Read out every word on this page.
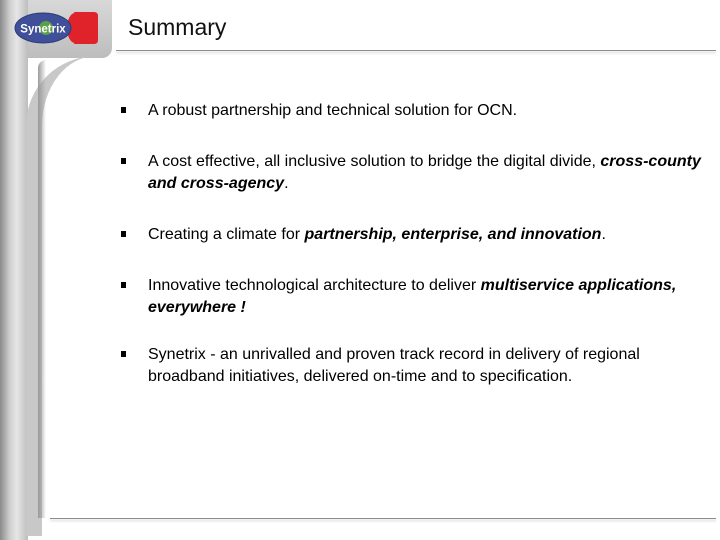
Synetrix	Summary
A robust partnership and technical solution for OCN.
A cost effective, all inclusive solution to bridge the digital divide, cross-county and cross-agency.
Creating a climate for partnership, enterprise, and innovation.
Innovative technological architecture to deliver multiservice applications, everywhere !
Synetrix - an unrivalled and proven track record in delivery of regional broadband initiatives, delivered on-time and to specification.
